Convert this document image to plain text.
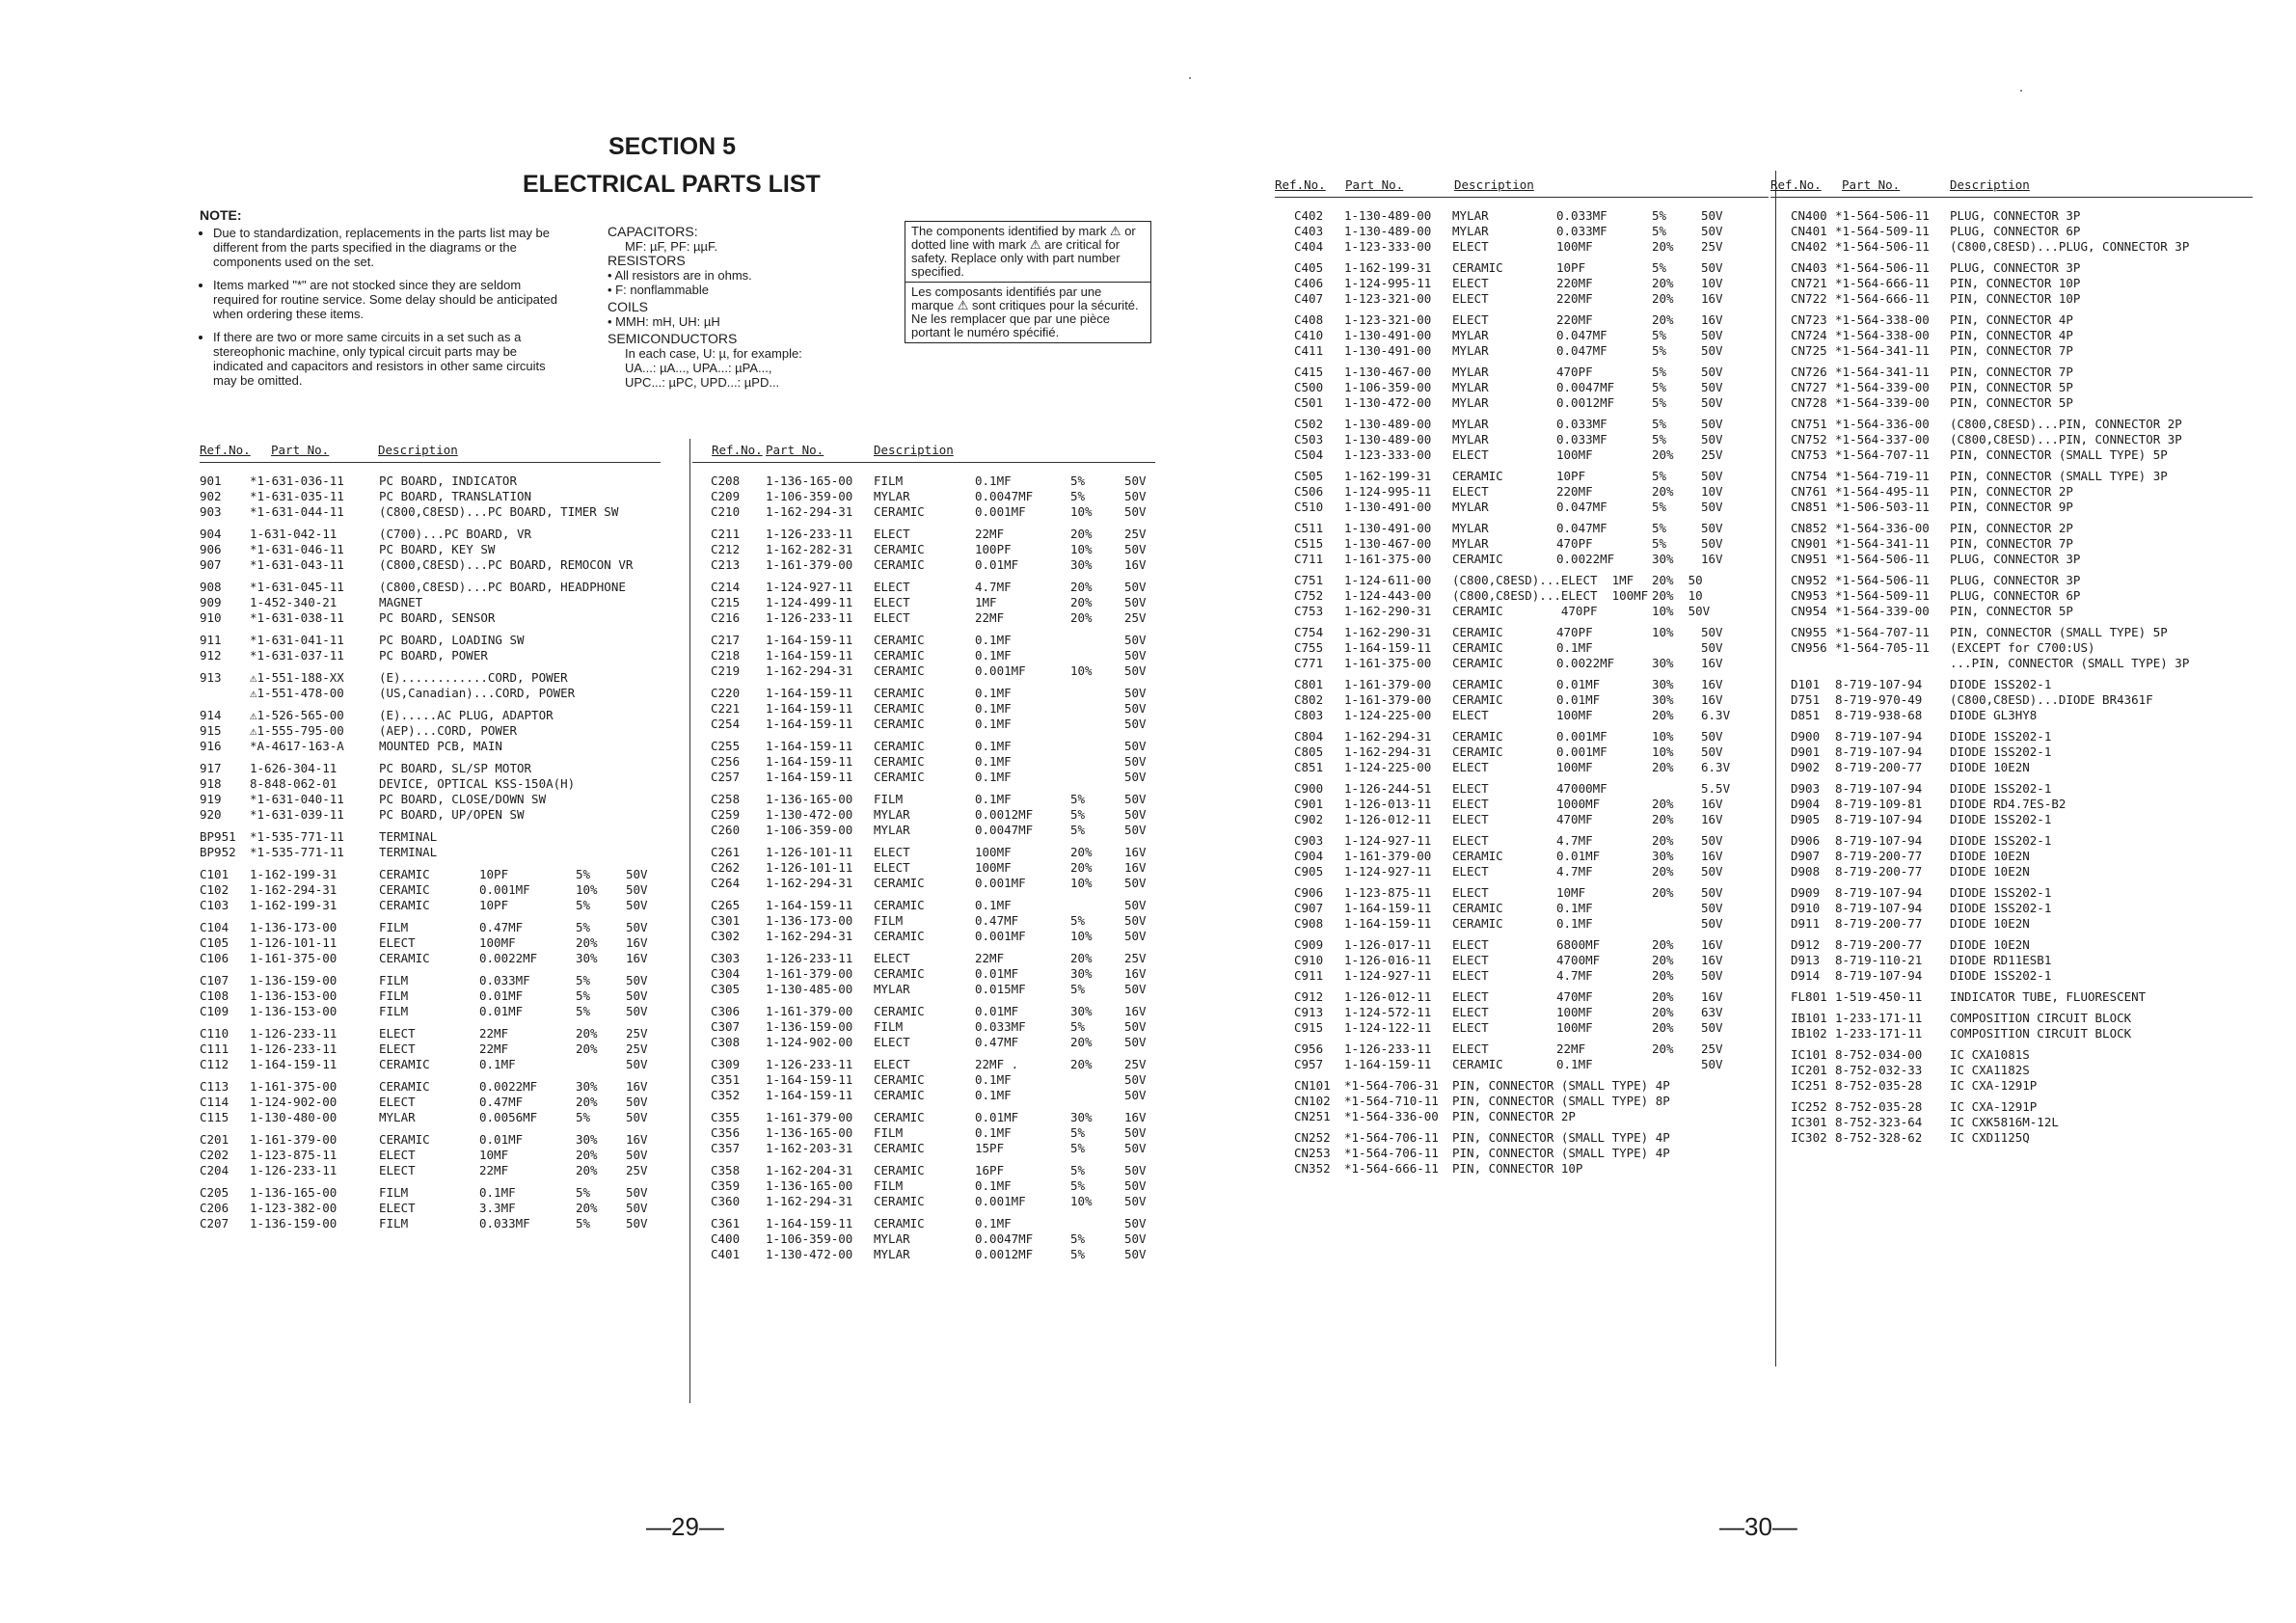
SECTION 5
ELECTRICAL PARTS LIST
NOTE:
• Due to standardization, replacements in the parts list may be different from the parts specified in the diagrams or the components used on the set.
• Items marked "*" are not stocked since they are seldom required for routine service. Some delay should be anticipated when ordering these items.
• If there are two or more same circuits in a set such as a stereophonic machine, only typical circuit parts may be indicated and capacitors and resistors in other same circuits may be omitted.
CAPACITORS:
MF: µF, PF: µµF.
RESISTORS
• All resistors are in ohms.
• F: nonflammable
COILS
• MMH: mH, UH: µH
SEMICONDUCTORS
In each case, U: µ, for example:
UA...: µA..., UPA...: µPA...,
UPC...: µPC, UPD...: µPD...
The components identified by mark ⚠ or dotted line with mark ⚠ are critical for safety. Replace only with part number specified.
Les composants identifiés par une marque ⚠ sont critiques pour la sécurité. Ne les remplacer que par une pièce portant le numéro spécifié.
Ref.No. Part No.	Description
901 *1-631-036-11	PC BOARD, INDICATOR
902 *1-631-035-11	PC BOARD, TRANSLATION
903 *1-631-044-11	(C800,C8ESD)...PC BOARD, TIMER SW
904 1-631-042-11	(C700)...PC BOARD, VR
906 *1-631-046-11	PC BOARD, KEY SW
907 *1-631-043-11	(C800,C8ESD)...PC BOARD, REMOCON VR
908 *1-631-045-11	(C800,C8ESD)...PC BOARD, HEADPHONE
909 1-452-340-21	MAGNET
910 *1-631-038-11	PC BOARD, SENSOR
911 *1-631-041-11	PC BOARD, LOADING SW
912 *1-631-037-11	PC BOARD, POWER
913 ⚠1-551-188-XX	(E)............CORD, POWER
⚠1-551-478-00	(US,Canadian)...CORD, POWER
914 ⚠1-526-565-00	(E).....AC PLUG, ADAPTOR
915 ⚠1-555-795-00	(AEP)...CORD, POWER
916 *A-4617-163-A	MOUNTED PCB, MAIN
917 1-626-304-11	PC BOARD, SL/SP MOTOR
918 8-848-062-01	DEVICE, OPTICAL KSS-150A(H)
919 *1-631-040-11	PC BOARD, CLOSE/DOWN SW
920 *1-631-039-11	PC BOARD, UP/OPEN SW
BP951 *1-535-771-11	TERMINAL
BP952 *1-535-771-11	TERMINAL
C101 1-162-199-31	CERAMIC	10PF	5%	50V
C102 1-162-294-31	CERAMIC	0.001MF	10% 50V
C103 1-162-199-31	CERAMIC	10PF	5%	50V
C104 1-136-173-00	FILM	0.47MF	5%	50V
C105 1-126-101-11	ELECT	100MF	20% 16V
C106 1-161-375-00	CERAMIC	0.0022MF	30% 16V
C107 1-136-159-00	FILM	0.033MF	5%	50V
C108 1-136-153-00	FILM	0.01MF	5%	50V
C109 1-136-153-00	FILM	0.01MF	5%	50V
C110 1-126-233-11	ELECT	22MF	20% 25V
C111 1-126-233-11	ELECT	22MF	20% 25V
C112 1-164-159-11	CERAMIC	0.1MF	50V
C113 1-161-375-00	CERAMIC	0.0022MF	30% 16V
C114 1-124-902-00	ELECT	0.47MF	20% 50V
C115 1-130-480-00	MYLAR	0.0056MF	5%	50V
C201 1-161-379-00	CERAMIC	0.01MF	30% 16V
C202 1-123-875-11	ELECT	10MF	20% 50V
C204 1-126-233-11	ELECT	22MF	20% 25V
C205 1-136-165-00	FILM	0.1MF	5%	50V
C206 1-123-382-00	ELECT	3.3MF	20% 50V
C207 1-136-159-00	FILM	0.033MF	5%	50V
Ref.No. Part No.	Description
C208 1-136-165-00 FILM	0.1MF	5%	50V
C209 1-106-359-00 MYLAR	0.0047MF	5%	50V
C210 1-162-294-31 CERAMIC	0.001MF	10%	50V
C211 1-126-233-11 ELECT	22MF	20%	25V
C212 1-162-282-31 CERAMIC	100PF	10%	50V
C213 1-161-379-00 CERAMIC	0.01MF	30%	16V
C214 1-124-927-11 ELECT	4.7MF	20%	50V
C215 1-124-499-11 ELECT	1MF	20%	50V
C216 1-126-233-11 ELECT	22MF	20%	25V
C217 1-164-159-11 CERAMIC	0.1MF	50V
C218 1-164-159-11 CERAMIC	0.1MF	50V
C219 1-162-294-31 CERAMIC	0.001MF	10%	50V
C220 1-164-159-11 CERAMIC	0.1MF	50V
C221 1-164-159-11 CERAMIC	0.1MF	50V
C254 1-164-159-11 CERAMIC	0.1MF	50V
C255 1-164-159-11 CERAMIC	0.1MF	50V
C256 1-164-159-11 CERAMIC	0.1MF	50V
C257 1-164-159-11 CERAMIC	0.1MF	50V
C258 1-136-165-00 FILM	0.1MF	5%	50V
C259 1-130-472-00 MYLAR	0.0012MF	5%	50V
C260 1-106-359-00 MYLAR	0.0047MF	5%	50V
C261 1-126-101-11 ELECT	100MF	20%	16V
C262 1-126-101-11 ELECT	100MF	20%	16V
C264 1-162-294-31 CERAMIC	0.001MF	10%	50V
C265 1-164-159-11 CERAMIC	0.1MF	50V
C301 1-136-173-00 FILM	0.47MF	5%	50V
C302 1-162-294-31 CERAMIC	0.001MF	10%	50V
C303 1-126-233-11 ELECT	22MF	20%	25V
C304 1-161-379-00 CERAMIC	0.01MF	30%	16V
C305 1-130-485-00 MYLAR	0.015MF	5%	50V
C306 1-161-379-00 CERAMIC	0.01MF	30%	16V
C307 1-136-159-00 FILM	0.033MF	5%	50V
C308 1-124-902-00 ELECT	0.47MF	20%	50V
C309 1-126-233-11 ELECT	22MF .	20%	25V
C351 1-164-159-11 CERAMIC	0.1MF	50V
C352 1-164-159-11 CERAMIC	0.1MF	50V
C355 1-161-379-00 CERAMIC	0.01MF	30%	16V
C356 1-136-165-00 FILM	0.1MF	5%	50V
C357 1-162-203-31 CERAMIC	15PF	5%	50V
C358 1-162-204-31 CERAMIC	16PF	5%	50V
C359 1-136-165-00 FILM	0.1MF	5%	50V
C360 1-162-294-31 CERAMIC	0.001MF	10%	50V
C361 1-164-159-11 CERAMIC	0.1MF	50V
C400 1-106-359-00 MYLAR	0.0047MF	5%	50V
C401 1-130-472-00 MYLAR	0.0012MF	5%	50V
Ref.No. Part No.	Description
C402 1-130-489-00 MYLAR	0.033MF	5%	50V
C403 1-130-489-00 MYLAR	0.033MF	5%	50V
C404 1-123-333-00 ELECT	100MF	20% 25V
C405 1-162-199-31 CERAMIC	10PF	5%	50V
C406 1-124-995-11 ELECT	220MF	20% 10V
C407 1-123-321-00 ELECT	220MF	20% 16V
C408 1-123-321-00 ELECT	220MF	20% 16V
C410 1-130-491-00 MYLAR	0.047MF	5%	50V
C411 1-130-491-00 MYLAR	0.047MF	5%	50V
C415 1-130-467-00 MYLAR	470PF	5%	50V
C500 1-106-359-00 MYLAR	0.0047MF	5%	50V
C501 1-130-472-00 MYLAR	0.0012MF	5%	50V
C502 1-130-489-00 MYLAR	0.033MF	5%	50V
C503 1-130-489-00 MYLAR	0.033MF	5%	50V
C504 1-123-333-00 ELECT	100MF	20% 25V
C505 1-162-199-31 CERAMIC	10PF	5%	50V
C506 1-124-995-11 ELECT	220MF	20% 10V
C510 1-130-491-00 MYLAR	0.047MF	5%	50V
C511 1-130-491-00 MYLAR	0.047MF	5%	50V
C515 1-130-467-00 MYLAR	470PF	5%	50V
C711 1-161-375-00 CERAMIC	0.0022MF	30% 16V
C751 1-124-611-00 (C800,C8ESD)...ELECT  1MF 20%  50
C752 1-124-443-00 (C800,C8ESD)...ELECT  100MF 20%  10
C753 1-162-290-31 CERAMIC        470PF	10%  50V
C754 1-162-290-31 CERAMIC	470PF	10% 50V
C755 1-164-159-11 CERAMIC	0.1MF	50V
C771 1-161-375-00 CERAMIC	0.0022MF	30% 16V
C801 1-161-379-00 CERAMIC	0.01MF	30% 16V
C802 1-161-379-00 CERAMIC	0.01MF	30% 16V
C803 1-124-225-00 ELECT	100MF	20% 6.3V
C804 1-162-294-31 CERAMIC	0.001MF	10% 50V
C805 1-162-294-31 CERAMIC	0.001MF	10% 50V
C851 1-124-225-00 ELECT	100MF	20% 6.3V
C900 1-126-244-51 ELECT	47000MF	5.5V
C901 1-126-013-11 ELECT	1000MF	20% 16V
C902 1-126-012-11 ELECT	470MF	20% 16V
C903 1-124-927-11 ELECT	4.7MF	20% 50V
C904 1-161-379-00 CERAMIC	0.01MF	30% 16V
C905 1-124-927-11 ELECT	4.7MF	20% 50V
C906 1-123-875-11 ELECT	10MF	20% 50V
C907 1-164-159-11 CERAMIC	0.1MF	50V
C908 1-164-159-11 CERAMIC	0.1MF	50V
C909 1-126-017-11 ELECT	6800MF	20% 16V
C910 1-126-016-11 ELECT	4700MF	20% 16V
C911 1-124-927-11 ELECT	4.7MF	20% 50V
C912 1-126-012-11 ELECT	470MF	20% 16V
C913 1-124-572-11 ELECT	100MF	20% 63V
C915 1-124-122-11 ELECT	100MF	20% 50V
C956 1-126-233-11 ELECT	22MF	20% 25V
C957 1-164-159-11 CERAMIC	0.1MF	50V
CN101 *1-564-706-31 PIN, CONNECTOR (SMALL TYPE) 4P
CN102 *1-564-710-11 PIN, CONNECTOR (SMALL TYPE) 8P
CN251 *1-564-336-00 PIN, CONNECTOR 2P
CN252 *1-564-706-11 PIN, CONNECTOR (SMALL TYPE) 4P
CN253 *1-564-706-11 PIN, CONNECTOR (SMALL TYPE) 4P
CN352 *1-564-666-11 PIN, CONNECTOR 10P
Ref.No. Part No.	Description
CN400 *1-564-506-11 PLUG, CONNECTOR 3P
CN401 *1-564-509-11 PLUG, CONNECTOR 6P
CN402 *1-564-506-11 (C800,C8ESD)...PLUG, CONNECTOR 3P
CN403 *1-564-506-11 PLUG, CONNECTOR 3P
CN721 *1-564-666-11 PIN, CONNECTOR 10P
CN722 *1-564-666-11 PIN, CONNECTOR 10P
CN723 *1-564-338-00 PIN, CONNECTOR 4P
CN724 *1-564-338-00 PIN, CONNECTOR 4P
CN725 *1-564-341-11 PIN, CONNECTOR 7P
CN726 *1-564-341-11 PIN, CONNECTOR 7P
CN727 *1-564-339-00 PIN, CONNECTOR 5P
CN728 *1-564-339-00 PIN, CONNECTOR 5P
CN751 *1-564-336-00 (C800,C8ESD)...PIN, CONNECTOR 2P
CN752 *1-564-337-00 (C800,C8ESD)...PIN, CONNECTOR 3P
CN753 *1-564-707-11 PIN, CONNECTOR (SMALL TYPE) 5P
CN754 *1-564-719-11 PIN, CONNECTOR (SMALL TYPE) 3P
CN761 *1-564-495-11 PIN, CONNECTOR 2P
CN851 *1-506-503-11 PIN, CONNECTOR 9P
CN852 *1-564-336-00 PIN, CONNECTOR 2P
CN901 *1-564-341-11 PIN, CONNECTOR 7P
CN951 *1-564-506-11 PLUG, CONNECTOR 3P
CN952 *1-564-506-11 PLUG, CONNECTOR 3P
CN953 *1-564-509-11 PLUG, CONNECTOR 6P
CN954 *1-564-339-00 PIN, CONNECTOR 5P
CN955 *1-564-707-11 PIN, CONNECTOR (SMALL TYPE) 5P
CN956 *1-564-705-11 (EXCEPT for C700:US)
...PIN, CONNECTOR (SMALL TYPE) 3P
D101 8-719-107-94 DIODE 1SS202-1
D751 8-719-970-49 (C800,C8ESD)...DIODE BR4361F
D851 8-719-938-68 DIODE GL3HY8
D900 8-719-107-94 DIODE 1SS202-1
D901 8-719-107-94 DIODE 1SS202-1
D902 8-719-200-77 DIODE 10E2N
D903 8-719-107-94 DIODE 1SS202-1
D904 8-719-109-81 DIODE RD4.7ES-B2
D905 8-719-107-94 DIODE 1SS202-1
D906 8-719-107-94 DIODE 1SS202-1
D907 8-719-200-77 DIODE 10E2N
D908 8-719-200-77 DIODE 10E2N
D909 8-719-107-94 DIODE 1SS202-1
D910 8-719-107-94 DIODE 1SS202-1
D911 8-719-200-77 DIODE 10E2N
D912 8-719-200-77 DIODE 10E2N
D913 8-719-110-21 DIODE RD11ESB1
D914 8-719-107-94 DIODE 1SS202-1
FL801 1-519-450-11 INDICATOR TUBE, FLUORESCENT
IB101 1-233-171-11 COMPOSITION CIRCUIT BLOCK
IB102 1-233-171-11 COMPOSITION CIRCUIT BLOCK
IC101 8-752-034-00 IC CXA1081S
IC201 8-752-032-33 IC CXA1182S
IC251 8-752-035-28 IC CXA-1291P
IC252 8-752-035-28 IC CXA-1291P
IC301 8-752-323-64 IC CXK5816M-12L
IC302 8-752-328-62 IC CXD1125Q
—29—	—30—
